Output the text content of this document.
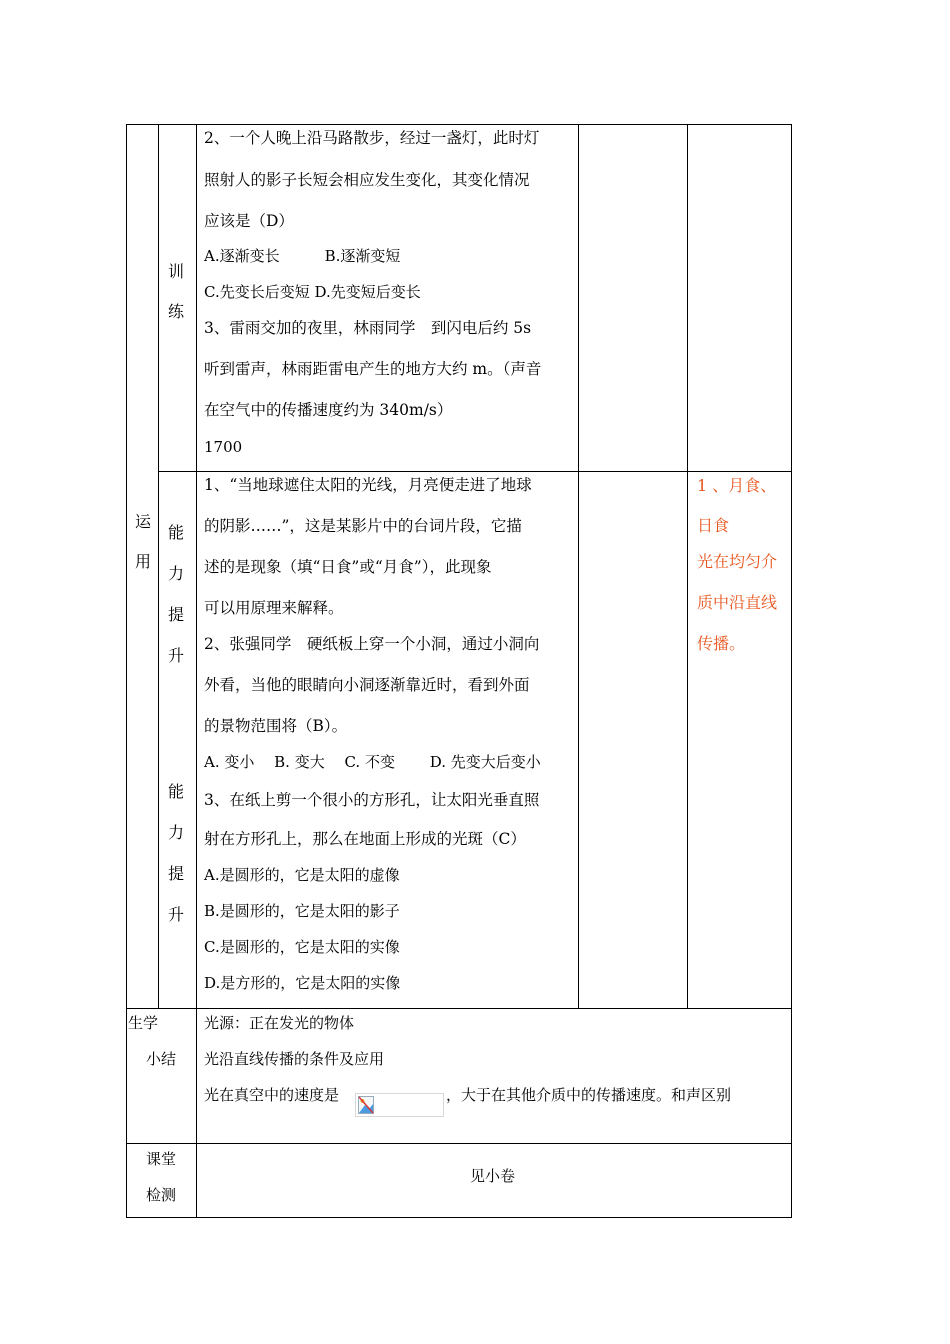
运
用
训
练
能
力
提
升
能
力
提
升
2、一个人晚上沿马路散步，经过一盏灯，此时灯
照射人的影子长短会相应发生变化，其变化情况
应该是（D）
A.逐渐变长　　　B.逐渐变短
C.先变长后变短 D.先变短后变长
3、雷雨交加的夜里，林雨同学　到闪电后约 5s
听到雷声，林雨距雷电产生的地方大约 m。（声音
在空气中的传播速度约为 340m/s）
1700
1、“当地球遮住太阳的光线，月亮便走进了地球
的阴影……”，这是某影片中的台词片段，它描
述的是现象（填“日食”或“月食”），此现象
可以用原理来解释。
2、张强同学　硬纸板上穿一个小洞，通过小洞向
外看，当他的眼睛向小洞逐渐靠近时，看到外面
的景物范围将（B）。
A. 变小　 B. 变大　 C. 不变　　 D. 先变大后变小
3、在纸上剪一个很小的方形孔，让太阳光垂直照
射在方形孔上，那么在地面上形成的光斑（C）
A.是圆形的，它是太阳的虚像
B.是圆形的，它是太阳的影子
C.是圆形的，它是太阳的实像
D.是方形的，它是太阳的实像
1 、月食、
日食
光在均匀介
质中沿直线
传播。
生学
小结
光源：正在发光的物体
光沿直线传播的条件及应用
光在真空中的速度是	，大于在其他介质中的传播速度。和声区别
课堂
检测
见小卷
